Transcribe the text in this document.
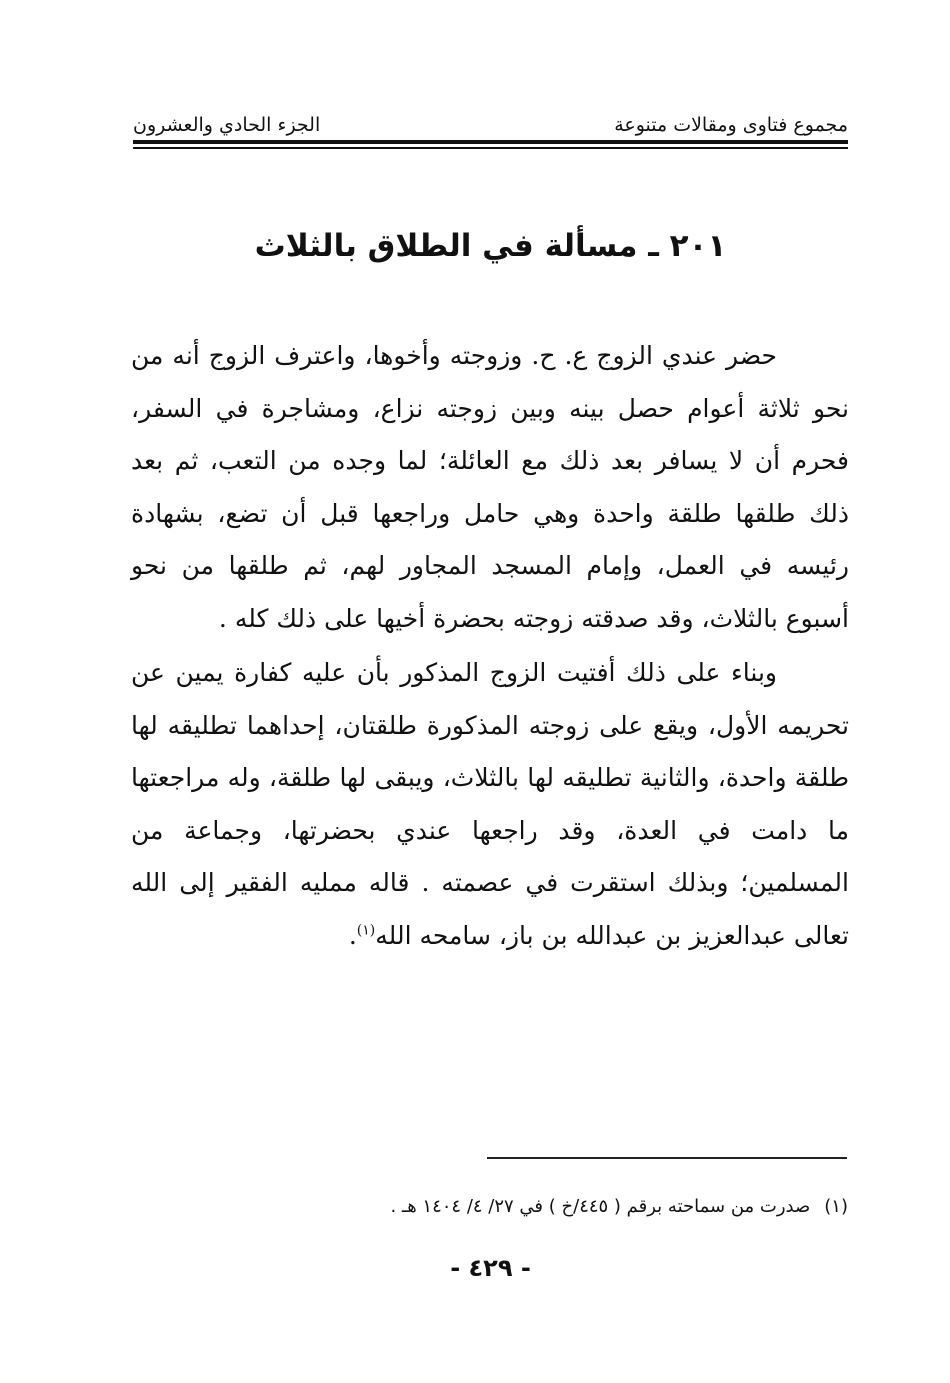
مجموع فتاوى ومقالات متنوعة
الجزء الحادي والعشرون
٢٠١ ـ مسألة في الطلاق بالثلاث

حضر عندي الزوج ع. ح. وزوجته وأخوها، واعترف الزوج أنه من نحو ثلاثة أعوام حصل بينه وبين زوجته نزاع، ومشاجرة في السفر، فحرم أن لا يسافر بعد ذلك مع العائلة؛ لما وجده من التعب، ثم بعد ذلك طلقها طلقة واحدة وهي حامل وراجعها قبل أن تضع، بشهادة رئيسه في العمل، وإمام المسجد المجاور لهم، ثم طلقها من نحو أسبوع بالثلاث، وقد صدقته زوجته بحضرة أخيها على ذلك كله .

وبناء على ذلك أفتيت الزوج المذكور بأن عليه كفارة يمين عن تحريمه الأول، ويقع على زوجته المذكورة طلقتان، إحداهما تطليقه لها طلقة واحدة، والثانية تطليقه لها بالثلاث، ويبقى لها طلقة، وله مراجعتها ما دامت في العدة، وقد راجعها عندي بحضرتها، وجماعة من المسلمين؛ وبذلك استقرت في عصمته . قاله ممليه الفقير إلى الله تعالى عبدالعزيز بن عبدالله بن باز، سامحه الله$^{(١)}$.

(١)صدرت من سماحته برقم ( ٤٤٥/خ ) في ٢٧/ ٤/ ١٤٠٤ هـ .
- ٤٢٩ -
